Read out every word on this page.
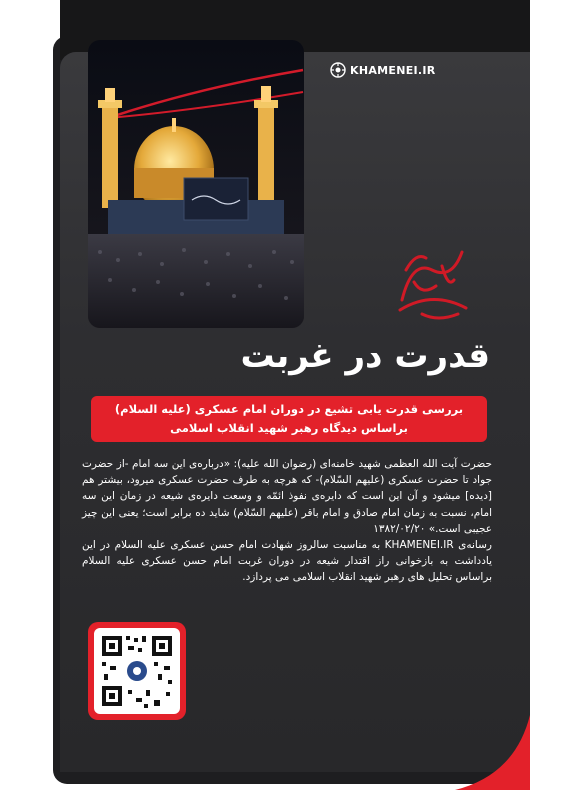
KHAMENEI.IR
قدرت در غربت
بررسی قدرت یابی تشیع در دوران امام عسکری (علیه السلام) براساس دیدگاه رهبر شهید انقلاب اسلامی

حضرت آیت الله العظمی شهید خامنه‌ای (رضوان الله علیه): «درباره‌ی این سه امام -از حضرت جواد تا حضرت عسکری (علیهم السّلام)- که هرچه به طرف حضرت عسکری میرود، بیشتر هم [دیده] میشود و آن این است که دایره‌ی نفوذ ائمّه و وسعت دایره‌ی شیعه در زمان این سه امام، نسبت به زمان امام صادق و امام باقر (علیهم السّلام) شاید ده برابر است؛ یعنی این چیز عجیبی است.» ۱۳۸۲/۰۲/۲۰

رسانه‌ی KHAMENEI.IR به مناسبت سالروز شهادت امام حسن عسکری علیه السلام در این یادداشت به بازخوانی راز اقتدار شیعه در دوران غربت امام حسن عسکری علیه السلام براساس تحلیل های رهبر شهید انقلاب اسلامی می پردازد.
